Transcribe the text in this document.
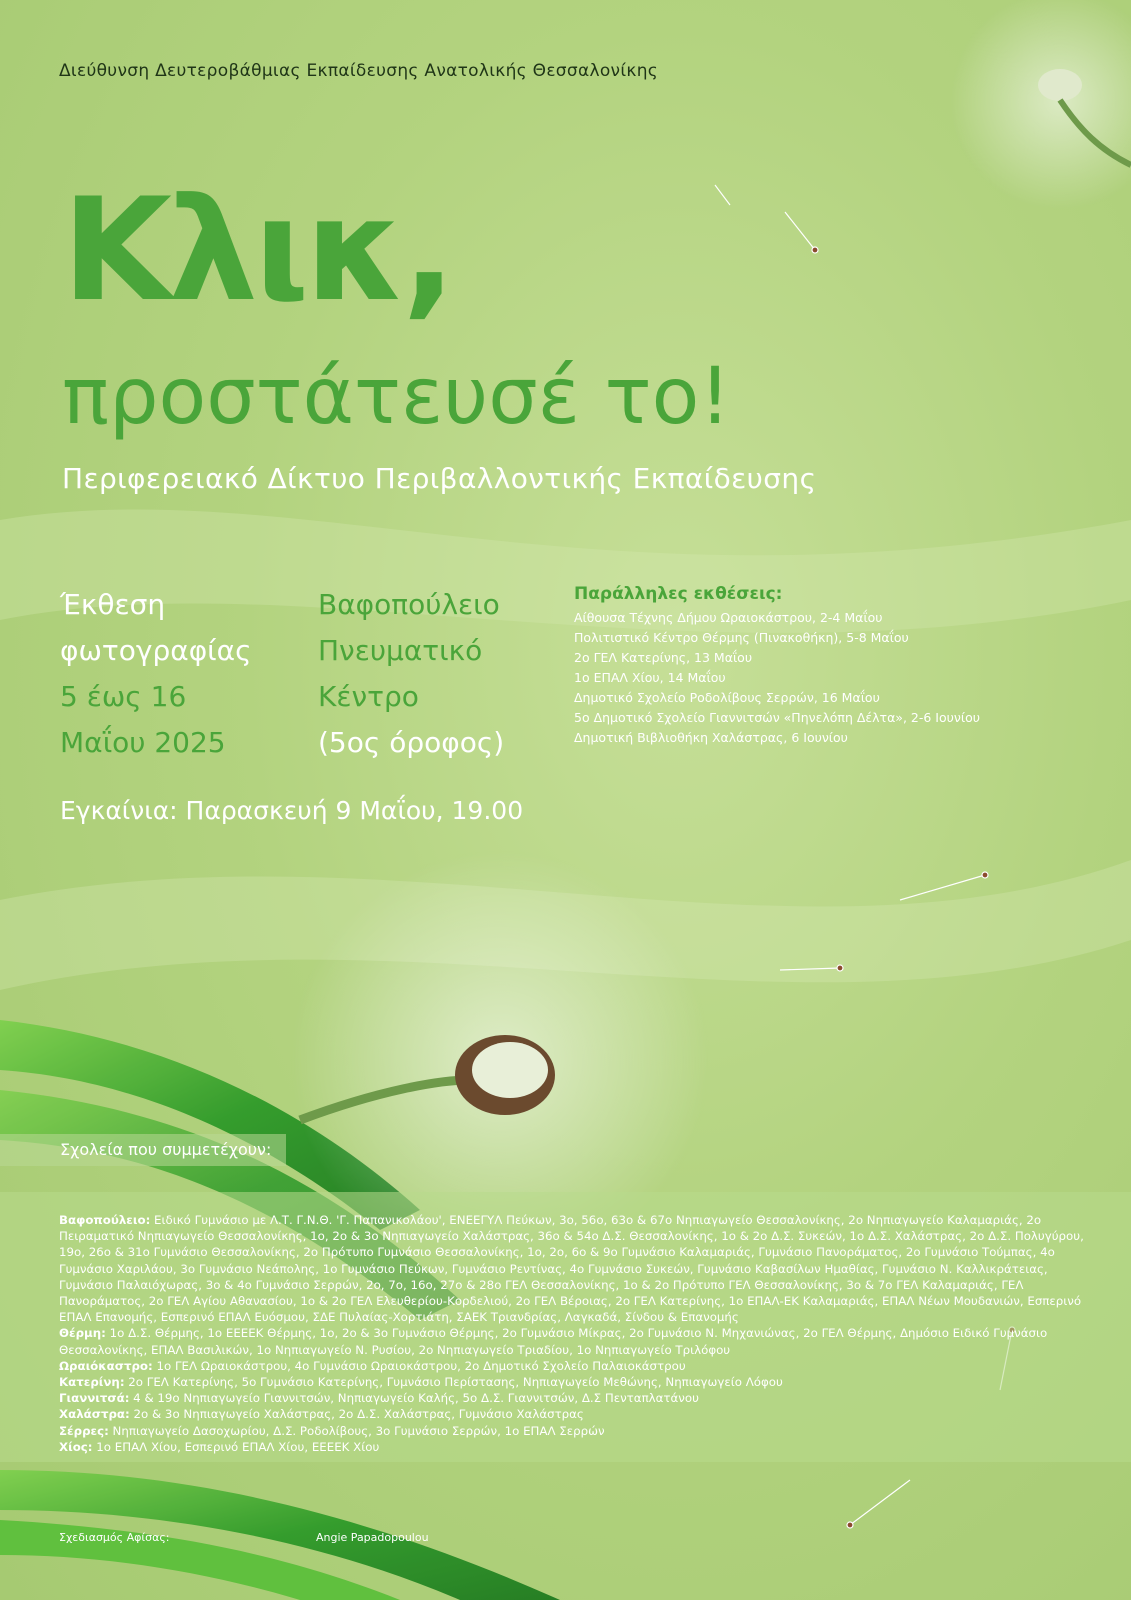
Διεύθυνση Δευτεροβάθμιας Εκπαίδευσης Ανατολικής Θεσσαλονίκης
Κλικ,
προστάτευσέ το!
Περιφερειακό Δίκτυο Περιβαλλοντικής Εκπαίδευσης
Έκθεση
φωτογραφίας
5 έως 16
Μαΐου 2025
Βαφοπούλειο
Πνευματικό
Κέντρο
(5ος όροφος)
Παράλληλες εκθέσεις:
Αίθουσα Τέχνης Δήμου Ωραιοκάστρου, 2-4 Μαΐου
Πολιτιστικό Κέντρο Θέρμης (Πινακοθήκη), 5-8 Μαΐου
2ο ΓΕΛ Κατερίνης, 13 Μαΐου
1ο ΕΠΑΛ Χίου, 14 Μαΐου
Δημοτικό Σχολείο Ροδολίβους Σερρών, 16 Μαΐου
5ο Δημοτικό Σχολείο Γιαννιτσών «Πηνελόπη Δέλτα», 2-6 Ιουνίου
Δημοτική Βιβλιοθήκη Χαλάστρας, 6 Ιουνίου
Εγκαίνια: Παρασκευή 9 Μαΐου, 19.00
Σχολεία που συμμετέχουν:
Βαφοπούλειο: Ειδικό Γυμνάσιο με Λ.Τ. Γ.Ν.Θ. 'Γ. Παπανικολάου', ΕΝΕΕΓΥΛ Πεύκων, 3ο, 56ο, 63ο & 67ο Νηπιαγωγείο Θεσσαλονίκης, 2ο Νηπιαγωγείο Καλαμαριάς, 2ο Πειραματικό Νηπιαγωγείο Θεσσαλονίκης, 1ο, 2ο & 3ο Νηπιαγωγείο Χαλάστρας, 36ο & 54ο Δ.Σ. Θεσσαλονίκης, 1ο & 2ο Δ.Σ. Συκεών, 1ο Δ.Σ. Χαλάστρας, 2ο Δ.Σ. Πολυγύρου, 19ο, 26ο & 31ο Γυμνάσιο Θεσσαλονίκης, 2ο Πρότυπο Γυμνάσιο Θεσσαλονίκης, 1ο, 2ο, 6ο & 9ο Γυμνάσιο Καλαμαριάς, Γυμνάσιο Πανοράματος, 2ο Γυμνάσιο Τούμπας, 4ο Γυμνάσιο Χαριλάου, 3ο Γυμνάσιο Νεάπολης, 1ο Γυμνάσιο Πεύκων, Γυμνάσιο Ρεντίνας, 4ο Γυμνάσιο Συκεών, Γυμνάσιο Καβασίλων Ημαθίας, Γυμνάσιο Ν. Καλλικράτειας, Γυμνάσιο Παλαιόχωρας, 3ο & 4ο Γυμνάσιο Σερρών, 2ο, 7ο, 16ο, 27ο & 28ο ΓΕΛ Θεσσαλονίκης, 1ο & 2ο Πρότυπο ΓΕΛ Θεσσαλονίκης, 3ο & 7ο ΓΕΛ Καλαμαριάς, ΓΕΛ Πανοράματος, 2ο ΓΕΛ Αγίου Αθανασίου, 1ο & 2ο ΓΕΛ Ελευθερίου-Κορδελιού, 2ο ΓΕΛ Βέροιας, 2ο ΓΕΛ Κατερίνης, 1ο ΕΠΑΛ-ΕΚ Καλαμαριάς, ΕΠΑΛ Νέων Μουδανιών, Εσπερινό ΕΠΑΛ Επανομής, Εσπερινό ΕΠΑΛ Ευόσμου, ΣΔΕ Πυλαίας-Χορτιάτη, ΣΑΕΚ Τριανδρίας, Λαγκαδά, Σίνδου & Επανομής
Θέρμη: 1ο Δ.Σ. Θέρμης, 1ο ΕΕΕΕΚ Θέρμης, 1ο, 2ο & 3ο Γυμνάσιο Θέρμης, 2ο Γυμνάσιο Μίκρας, 2ο Γυμνάσιο Ν. Μηχανιώνας, 2ο ΓΕΛ Θέρμης, Δημόσιο Ειδικό Γυμνάσιο Θεσσαλονίκης, ΕΠΑΛ Βασιλικών, 1ο Νηπιαγωγείο Ν. Ρυσίου, 2ο Νηπιαγωγείο Τριαδίου, 1ο Νηπιαγωγείο Τριλόφου
Ωραιόκαστρο: 1ο ΓΕΛ Ωραιοκάστρου, 4ο Γυμνάσιο Ωραιοκάστρου, 2ο Δημοτικό Σχολείο Παλαιοκάστρου
Κατερίνη: 2ο ΓΕΛ Κατερίνης, 5ο Γυμνάσιο Κατερίνης, Γυμνάσιο Περίστασης, Νηπιαγωγείο Μεθώνης, Νηπιαγωγείο Λόφου
Γιαννιτσά: 4 & 19ο Νηπιαγωγείο Γιαννιτσών, Νηπιαγωγείο Καλής, 5ο Δ.Σ. Γιαννιτσών, Δ.Σ Πενταπλατάνου
Χαλάστρα: 2ο & 3ο Νηπιαγωγείο Χαλάστρας, 2ο Δ.Σ. Χαλάστρας, Γυμνάσιο Χαλάστρας
Σέρρες: Νηπιαγωγείο Δασοχωρίου, Δ.Σ. Ροδολίβους, 3ο Γυμνάσιο Σερρών, 1ο ΕΠΑΛ Σερρών
Χίος: 1ο ΕΠΑΛ Χίου, Εσπερινό ΕΠΑΛ Χίου, ΕΕΕΕΚ Χίου
Σχεδιασμός Αφίσας:	Angie Papadopoulou
